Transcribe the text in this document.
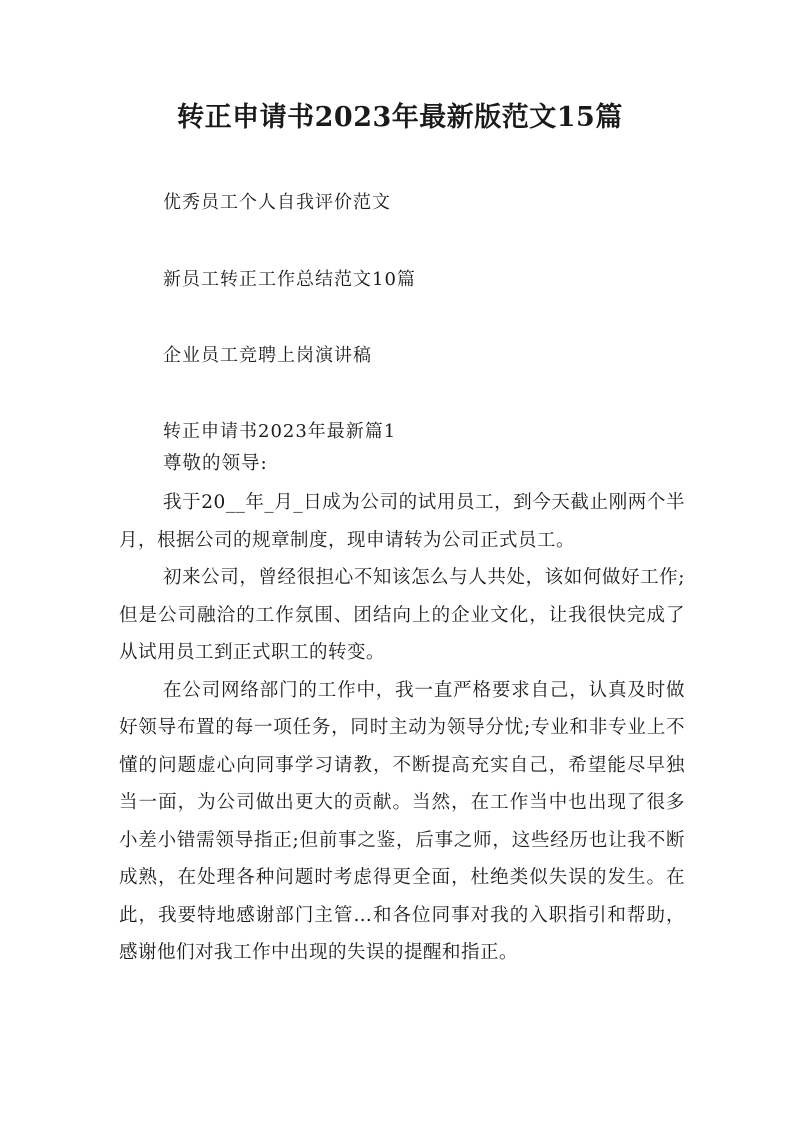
转正申请书2023年最新版范文15篇
优秀员工个人自我评价范文
新员工转正工作总结范文10篇
企业员工竞聘上岗演讲稿
转正申请书2023年最新篇1
尊敬的领导:

我于20__年_月_日成为公司的试用员工，到今天截止刚两个半月，根据公司的规章制度，现申请转为公司正式员工。

初来公司，曾经很担心不知该怎么与人共处，该如何做好工作;但是公司融洽的工作氛围、团结向上的企业文化，让我很快完成了从试用员工到正式职工的转变。

在公司网络部门的工作中，我一直严格要求自己，认真及时做好领导布置的每一项任务，同时主动为领导分忧;专业和非专业上不懂的问题虚心向同事学习请教，不断提高充实自己，希望能尽早独当一面，为公司做出更大的贡献。当然，在工作当中也出现了很多小差小错需领导指正;但前事之鉴，后事之师，这些经历也让我不断成熟，在处理各种问题时考虑得更全面，杜绝类似失误的发生。在此，我要特地感谢部门主管…和各位同事对我的入职指引和帮助，感谢他们对我工作中出现的失误的提醒和指正。
